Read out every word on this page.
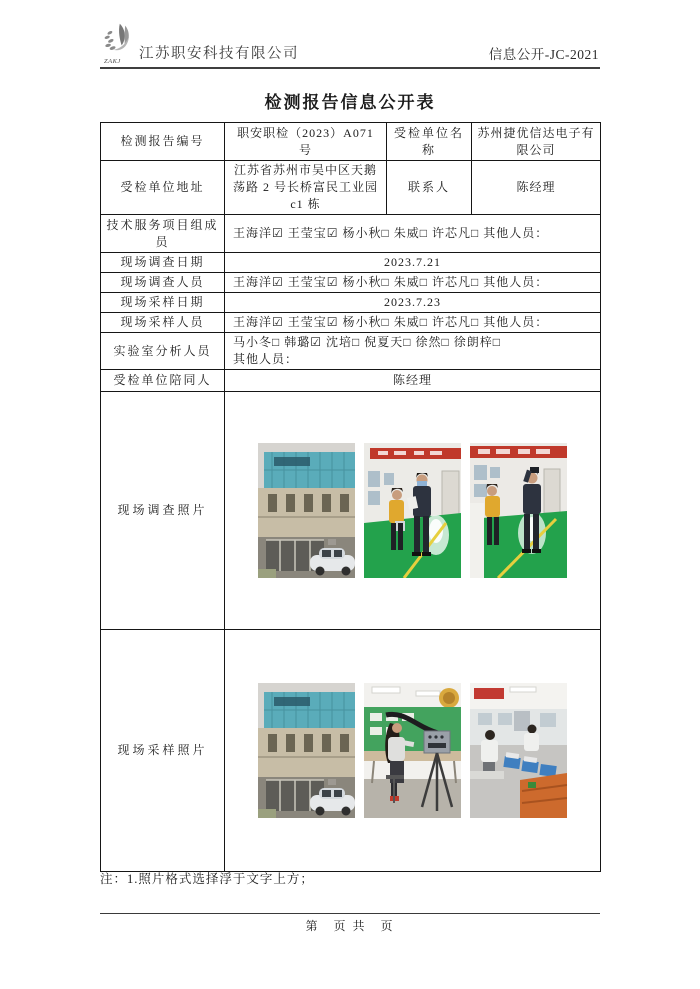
ZAKJ 江苏职安科技有限公司	信息公开-JC-2021
检测报告信息公开表
检测报告编号	职安职检（2023）A071 号	受检单位名称	苏州捷优信达电子有限公司
受检单位地址	江苏省苏州市吴中区天鹅荡路 2 号长桥富民工业园 c1 栋	联系人	陈经理
技术服务项目组成员	王海洋☑ 王莹宝☑ 杨小秋□ 朱威□ 许芯凡□ 其他人员：		
现场调查日期	2023.7.21		
现场调查人员	王海洋☑ 王莹宝☑ 杨小秋□ 朱威□ 许芯凡□ 其他人员：		
现场采样日期	2023.7.23		
现场采样人员	王海洋☑ 王莹宝☑ 杨小秋□ 朱威□ 许芯凡□ 其他人员：		
实验室分析人员	马小冬□ 韩璐☑ 沈培□ 倪夏天□ 徐然□ 徐朗梓□
其他人员：		
受检单位陪同人	陈经理		
现场调查照片	

现场采样照片	
注：1.照片格式选择浮于文字上方；
第　页 共　页
